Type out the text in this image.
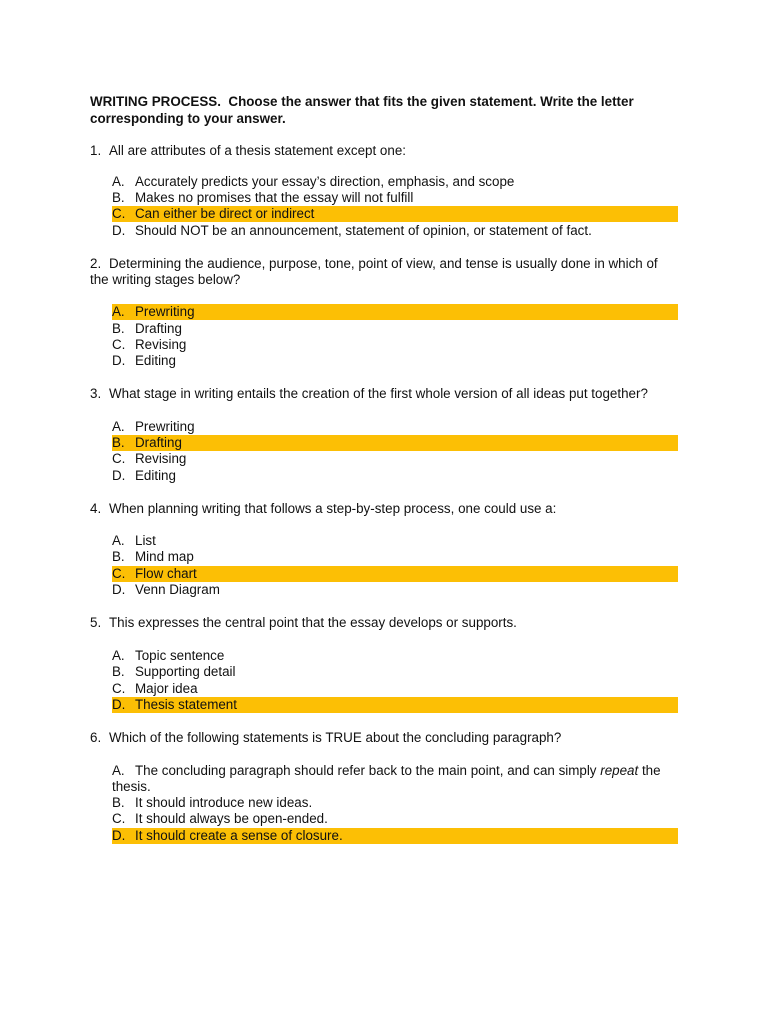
WRITING PROCESS. Choose the answer that fits the given statement. Write the letter
corresponding to your answer.
1. All are attributes of a thesis statement except one:
A. Accurately predicts your essay’s direction, emphasis, and scope
B. Makes no promises that the essay will not fulfill
C. Can either be direct or indirect
D. Should NOT be an announcement, statement of opinion, or statement of fact.
2. Determining the audience, purpose, tone, point of view, and tense is usually done in which of
the writing stages below?
A. Prewriting
B. Drafting
C. Revising
D. Editing
3. What stage in writing entails the creation of the first whole version of all ideas put together?
A. Prewriting
B. Drafting
C. Revising
D. Editing
4. When planning writing that follows a step-by-step process, one could use a:
A. List
B. Mind map
C. Flow chart
D. Venn Diagram
5. This expresses the central point that the essay develops or supports.
A. Topic sentence
B. Supporting detail
C. Major idea
D. Thesis statement
6. Which of the following statements is TRUE about the concluding paragraph?
A. The concluding paragraph should refer back to the main point, and can simply repeat the
thesis.
B. It should introduce new ideas.
C. It should always be open-ended.
D. It should create a sense of closure.
